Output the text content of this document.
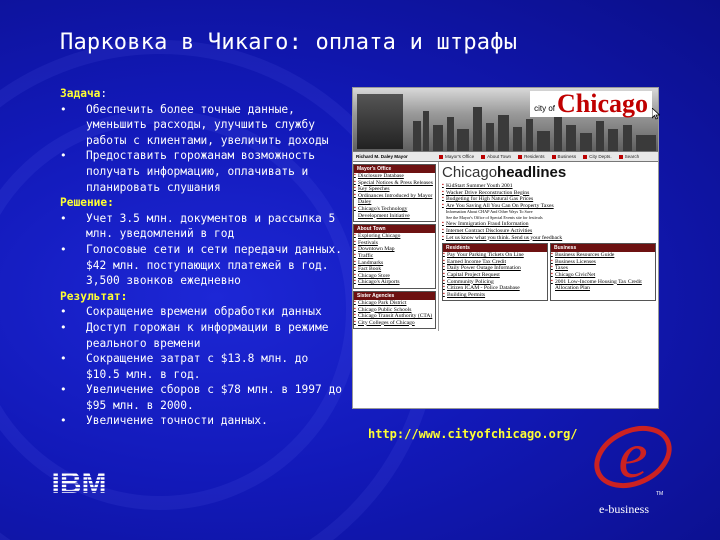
Парковка в Чикаго: оплата и штрафы
Задача:
•	Обеспечить более точные данные, уменьшить расходы, улучшить службу работы с клиентами, увеличить доходы
•	Предоставить горожанам возможность получать информацию, оплачивать и планировать слушания
Решение:
•	Учет 3.5 млн. документов и рассылка 5 млн. уведомлений в год
•	Голосовые сети и сети передачи данных. $42 млн. поступающих платежей в год. 3,500 звонков ежедневно
Результат:
•	Сокращение времени обработки данных
•	Доступ горожан к информации в режиме реального времени
•	Сокращение затрат с $13.8 млн. до $10.5 млн. в год.
•	Увеличение сборов с $78 млн. в 1997 до $95 млн. в 2000.
•	Увеличение точности данных.
city of Chicago
Richard M. Daley Mayor	Mayor's Office	About Town	Residents	Business	City Depts.	Search
Mayor's Office
▪ Disclosure Database
▪ Special Notices & Press Releases
▪ Key Speeches
▪ Ordinances Introduced by Mayor Daley
▪ Chicago's Technology Development Initiative
About Town
▪ Exploring Chicago
▪ Festivals
▪ Downtown Map
▪ Traffic
▪ Landmarks
▪ Fact Book
▪ Chicago Store
▪ Chicago's Airports
Sister Agencies
▪ Chicago Park District
▪ Chicago Public Schools
▪ Chicago Transit Authority (CTA)
▪ City Colleges of Chicago
Chicagoheadlines
▪ KidStart Summer Youth 2001
▪ Wacker Drive Reconstruction Begins
▪ Budgeting for High Natural Gas Prices
▪ Are You Saving All You Can On Property Taxes
Information About CHAP And Other Ways To Save
See the Mayor's Office of Special Events site for festivals
▪ New Immigration Fraud Information
▪ Internet Contract Disclosure Activities
▪ Let us know what you think. Send us your feedback
Residents
▪ Pay Your Parking Tickets On Line
▪ Earned Income Tax Credit
▪ Daily Power Outage Information
▪ Capital Project Request
▪ Community Policing
▪ Citizen ICAM - Police Database
▪ Building Permits
Business
▪ Business Resources Guide
▪ Business Licenses
▪ Taxes
▪ Chicago CivicNet
▪ 2001 Low-Income Housing Tax Credit Allocation Plan
http://www.cityofchicago.org/
IBM	e
TM
e-business
